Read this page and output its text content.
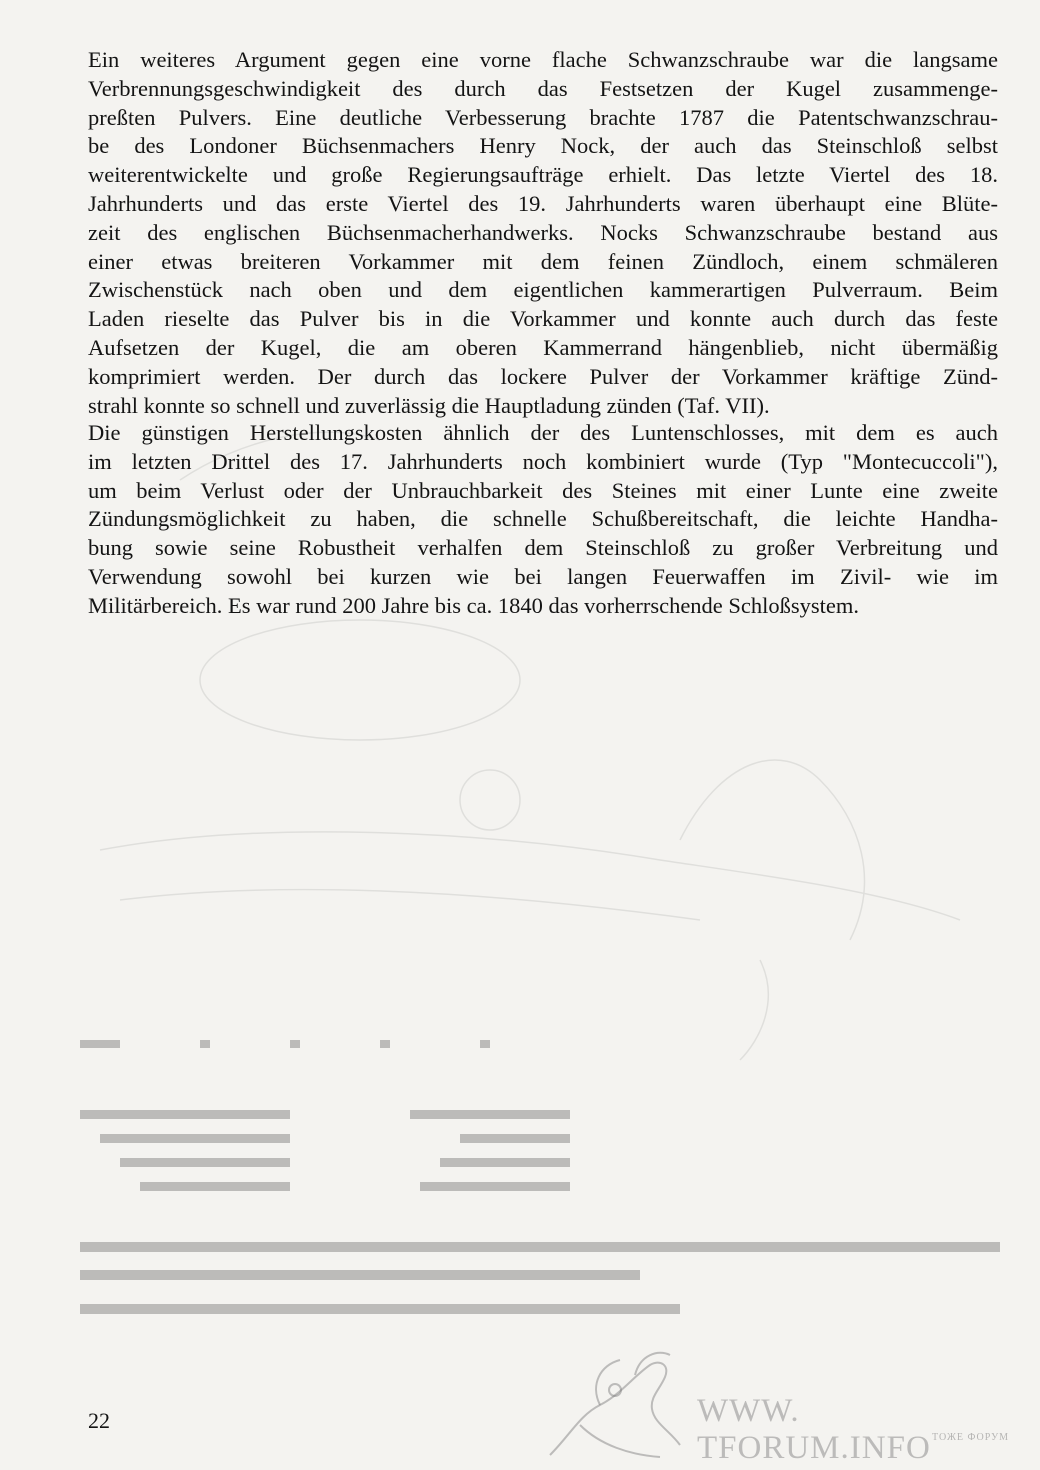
Ein weiteres Argument gegen eine vorne flache Schwanzschraube war die langsame
Verbrennungsgeschwindigkeit des durch das Festsetzen der Kugel zusammenge-
preßten Pulvers. Eine deutliche Verbesserung brachte 1787 die Patentschwanzschrau-
be des Londoner Büchsenmachers Henry Nock, der auch das Steinschloß selbst
weiterentwickelte und große Regierungsaufträge erhielt. Das letzte Viertel des 18.
Jahrhunderts und das erste Viertel des 19. Jahrhunderts waren überhaupt eine Blüte-
zeit des englischen Büchsenmacherhandwerks. Nocks Schwanzschraube bestand aus
einer etwas breiteren Vorkammer mit dem feinen Zündloch, einem schmäleren
Zwischenstück nach oben und dem eigentlichen kammerartigen Pulverraum. Beim
Laden rieselte das Pulver bis in die Vorkammer und konnte auch durch das feste
Aufsetzen der Kugel, die am oberen Kammerrand hängenblieb, nicht übermäßig
komprimiert werden. Der durch das lockere Pulver der Vorkammer kräftige Zünd-
strahl konnte so schnell und zuverlässig die Hauptladung zünden (Taf. VII).

Die günstigen Herstellungskosten ähnlich der des Luntenschlosses, mit dem es auch
im letzten Drittel des 17. Jahrhunderts noch kombiniert wurde (Typ "Montecuccoli"),
um beim Verlust oder der Unbrauchbarkeit des Steines mit einer Lunte eine zweite
Zündungsmöglichkeit zu haben, die schnelle Schußbereitschaft, die leichte Handha-
bung sowie seine Robustheit verhalfen dem Steinschloß zu großer Verbreitung und
Verwendung sowohl bei kurzen wie bei langen Feuerwaffen im Zivil- wie im
Militärbereich. Es war rund 200 Jahre bis ca. 1840 das vorherrschende Schloßsystem.

22	WWW. TFORUM.INFO ТОЖЕ ФОРУМ
